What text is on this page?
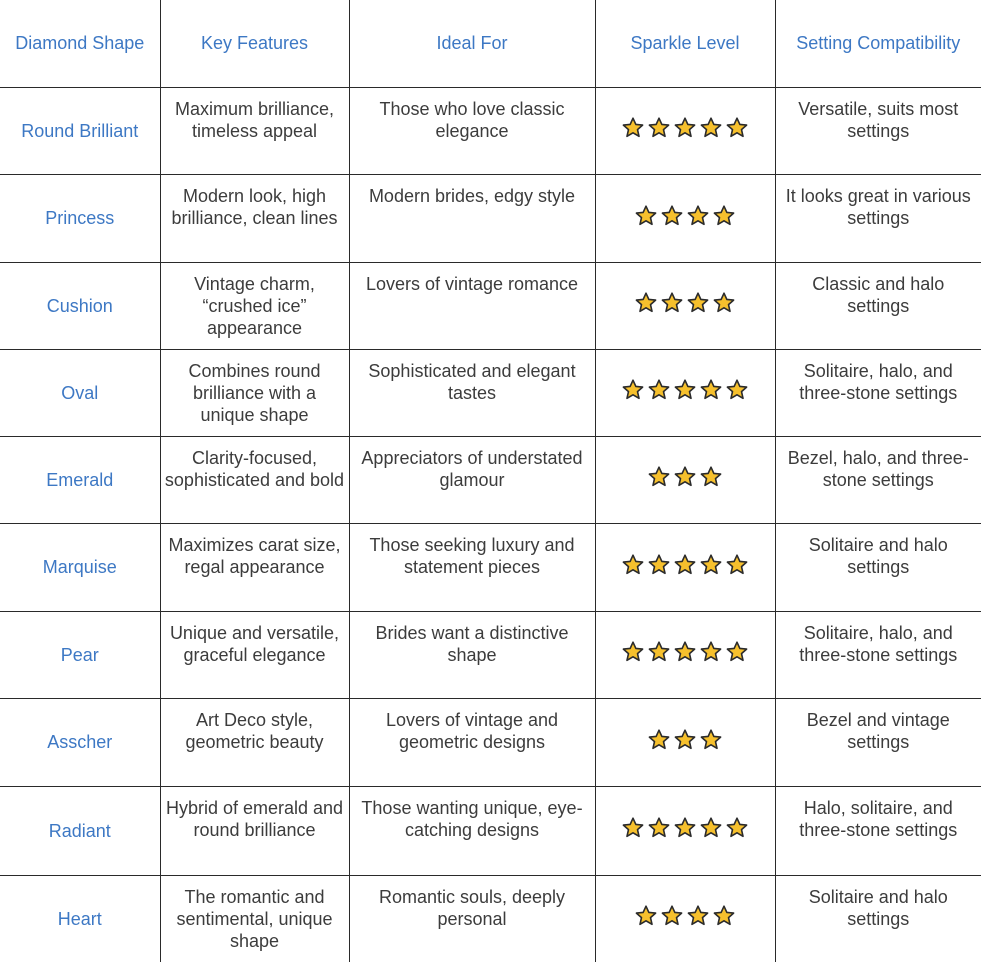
Diamond Shape	Key Features	Ideal For	Sparkle Level	Setting Compatibility

Round Brilliant	Maximum brilliance, timeless appeal	Those who love classic elegance		Versatile, suits most settings

Princess	Modern look, high brilliance, clean lines	Modern brides, edgy style		It looks great in various settings

Cushion	Vintage charm, “crushed ice” appearance	Lovers of vintage romance		Classic and halo settings

Oval	Combines round brilliance with a unique shape	Sophisticated and elegant tastes		Solitaire, halo, and three-stone settings

Emerald	Clarity-focused, sophisticated and bold	Appreciators of understated glamour		Bezel, halo, and three-stone settings

Marquise	Maximizes carat size, regal appearance	Those seeking luxury and statement pieces		Solitaire and halo settings

Pear	Unique and versatile, graceful elegance	Brides want a distinctive shape		Solitaire, halo, and three-stone settings

Asscher	Art Deco style, geometric beauty	Lovers of vintage and geometric designs		Bezel and vintage settings

Radiant	Hybrid of emerald and round brilliance	Those wanting unique, eye-catching designs		Halo, solitaire, and three-stone settings

Heart	The romantic and sentimental, unique shape	Romantic souls, deeply personal		Solitaire and halo settings
